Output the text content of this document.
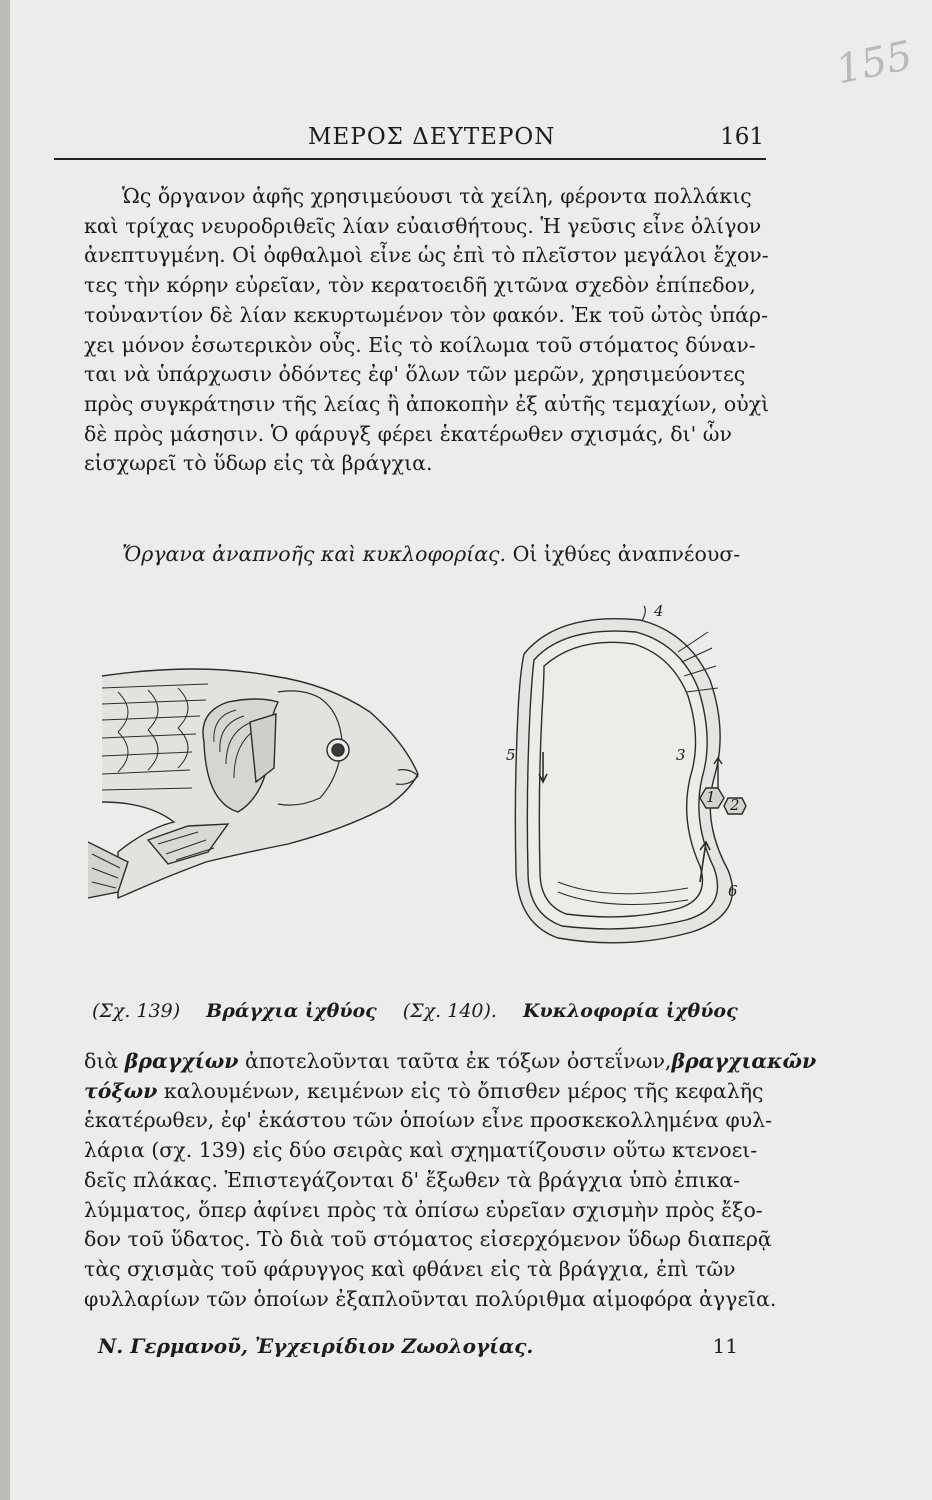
155
ΜΕΡΟΣ ΔΕΥΤΕΡΟΝ	161
Ὡς ὄργανον ἁφῆς χρησιμεύουσι τὰ χείλη, φέροντα πολλάκις
καὶ τρίχας νευροδριθεῖς λίαν εὐαισθήτους. Ἡ γεῦσις εἶνε ὀλίγον
ἀνεπτυγμένη. Οἱ ὀφθαλμοὶ εἶνε ὡς ἐπὶ τὸ πλεῖστον μεγάλοι ἔχον-
τες τὴν κόρην εὐρεῖαν, τὸν κερατοειδῆ χιτῶνα σχεδὸν ἐπίπεδον,
τοὐναντίον δὲ λίαν κεκυρτωμένον τὸν φακόν. Ἐκ τοῦ ὠτὸς ὑπάρ-
χει μόνον ἐσωτερικὸν οὖς. Εἰς τὸ κοίλωμα τοῦ στόματος δύναν-
ται νὰ ὑπάρχωσιν ὀδόντες ἐφ' ὅλων τῶν μερῶν, χρησιμεύοντες
πρὸς συγκράτησιν τῆς λείας ἢ ἀποκοπὴν ἐξ αὐτῆς τεμαχίων, οὐχὶ
δὲ πρὸς μάσησιν. Ὁ φάρυγξ φέρει ἑκατέρωθεν σχισμάς, δι' ὧν
εἰσχωρεῖ τὸ ὕδωρ εἰς τὰ βράγχια.
Ὄργανα ἀναπνοῆς καὶ κυκλοφορίας. Οἱ ἰχθύες ἀναπνέουσ-
4
5	3
1 2
6
(Σχ. 139) Βράγχια ἰχθύος (Σχ. 140). Κυκλοφορία ἰχθύος
διὰ βραγχίων ἀποτελοῦνται ταῦτα ἐκ τόξων ὀστεΐνων,βραγχιακῶν
τόξων καλουμένων, κειμένων εἰς τὸ ὄπισθεν μέρος τῆς κεφαλῆς
ἑκατέρωθεν, ἐφ' ἑκάστου τῶν ὁποίων εἶνε προσκεκολλημένα φυλ-
λάρια (σχ. 139) εἰς δύο σειρὰς καὶ σχηματίζουσιν οὕτω κτενοει-
δεῖς πλάκας. Ἐπιστεγάζονται δ' ἔξωθεν τὰ βράγχια ὑπὸ ἐπικα-
λύμματος, ὅπερ ἀφίνει πρὸς τὰ ὀπίσω εὐρεῖαν σχισμὴν πρὸς ἔξο-
δον τοῦ ὕδατος. Τὸ διὰ τοῦ στόματος εἰσερχόμενον ὕδωρ διαπερᾷ
τὰς σχισμὰς τοῦ φάρυγγος καὶ φθάνει εἰς τὰ βράγχια, ἐπὶ τῶν
φυλλαρίων τῶν ὁποίων ἐξαπλοῦνται πολύριθμα αἱμοφόρα ἀγγεῖα.
Ν. Γερμανοῦ, Ἐγχειρίδιον Ζωολογίας.	11
